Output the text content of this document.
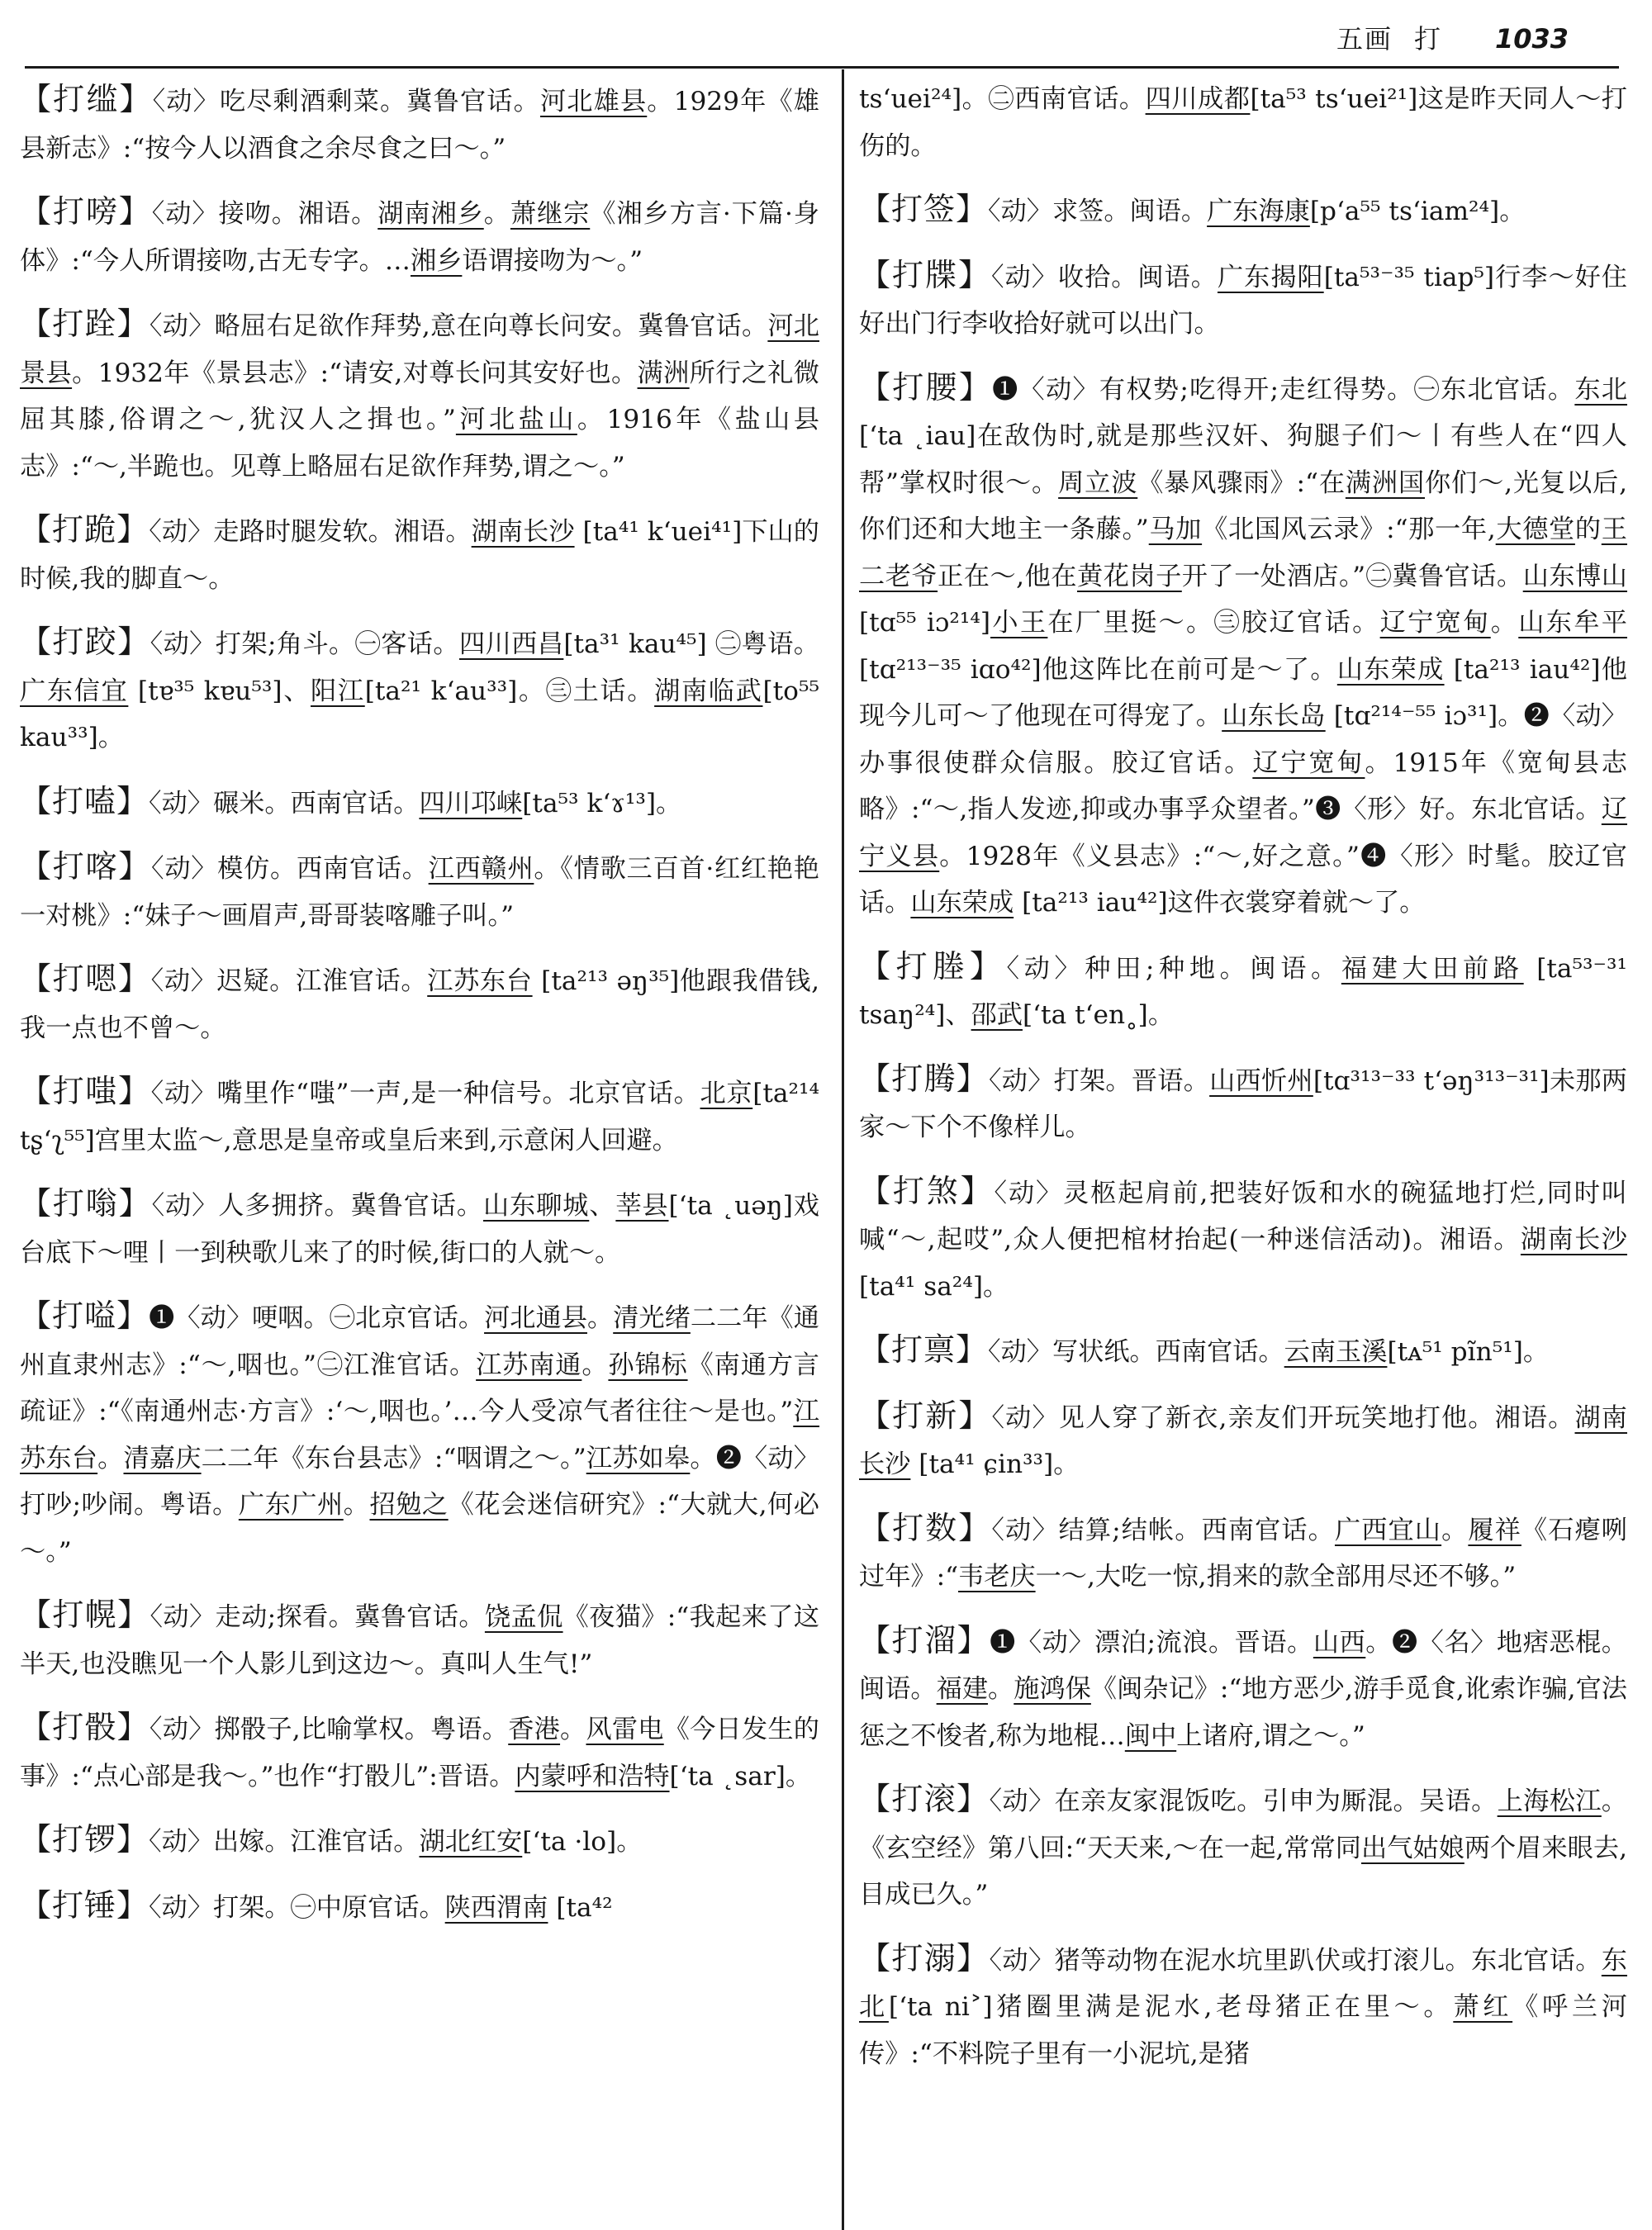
五画 打 1033
【打䍀】〈动〉吃尽剩酒剩菜。冀鲁官话。河北雄县。1929年《雄县新志》:“按今人以酒食之余尽食之曰～。”
【打嗙】〈动〉接吻。湘语。湖南湘乡。萧继宗《湘乡方言·下篇·身体》:“今人所谓接吻,古无专字。…湘乡语谓接吻为～。”
【打跧】〈动〉略屈右足欲作拜势,意在向尊长问安。冀鲁官话。河北景县。1932年《景县志》:“请安,对尊长问其安好也。满洲所行之礼微屈其膝,俗谓之～,犹汉人之揖也。”河北盐山。1916年《盐山县志》:“～,半跪也。见尊上略屈右足欲作拜势,谓之～。”
【打跪】〈动〉走路时腿发软。湘语。湖南长沙 [ta⁴¹ k‘uei⁴¹]下山的时候,我的脚直～。
【打跤】〈动〉打架;角斗。㊀客话。四川西昌[ta³¹ kau⁴⁵] ㊁粤语。广东信宜 [tɐ³⁵ kɐu⁵³]、阳江[ta²¹ k‘au³³]。㊂土话。湖南临武[to⁵⁵ kau³³]。
【打嗑】〈动〉碾米。西南官话。四川邛崃[ta⁵³ k‘ɤ¹³]。
【打喀】〈动〉模仿。西南官话。江西赣州。《情歌三百首·红红艳艳一对桃》:“妹子～画眉声,哥哥装喀雕子叫。”
【打嗯】〈动〉迟疑。江淮官话。江苏东台 [ta²¹³ əŋ³⁵]他跟我借钱,我一点也不曾～。
【打嗤】〈动〉嘴里作“嗤”一声,是一种信号。北京官话。北京[ta²¹⁴ tʂ‘ʅ⁵⁵]宫里太监～,意思是皇帝或皇后来到,示意闲人回避。
【打嗡】〈动〉人多拥挤。冀鲁官话。山东聊城、莘县[‘ta ˛uəŋ]戏台底下～哩丨一到秧歌儿来了的时候,街口的人就～。
【打嗌】❶〈动〉哽咽。㊀北京官话。河北通县。清光绪二二年《通州直隶州志》:“～,咽也。”㊁江淮官话。江苏南通。孙锦标《南通方言疏证》:“《南通州志·方言》:‘～,咽也。’…今人受凉气者往往～是也。”江苏东台。清嘉庆二二年《东台县志》:“咽谓之～。”江苏如皋。❷〈动〉打吵;吵闹。粤语。广东广州。招勉之《花会迷信研究》:“大就大,何必～。”
【打幌】〈动〉走动;探看。冀鲁官话。饶孟侃《夜猫》:“我起来了这半天,也没瞧见一个人影儿到这边～。真叫人生气!”
【打骰】〈动〉掷骰子,比喻掌权。粤语。香港。风雷电《今日发生的事》:“点心部是我～。”也作“打骰儿”:晋语。内蒙呼和浩特[‘ta ˛sar]。
【打锣】〈动〉出嫁。江淮官话。湖北红安[‘ta ·lo]。
【打锤】〈动〉打架。㊀中原官话。陕西渭南 [ta⁴²
ts‘uei²⁴]。㊁西南官话。四川成都[ta⁵³ ts‘uei²¹]这是昨天同人～打伤的。
【打签】〈动〉求签。闽语。广东海康[p‘a⁵⁵ ts‘iam²⁴]。
【打牒】〈动〉收拾。闽语。广东揭阳[ta⁵³⁻³⁵ tiap⁵]行李～好住好出门行李收拾好就可以出门。
【打腰】❶〈动〉有权势;吃得开;走红得势。㊀东北官话。东北[‘ta ˛iau]在敌伪时,就是那些汉奸、狗腿子们～丨有些人在“四人帮”掌权时很～。周立波《暴风骤雨》:“在满洲国你们～,光复以后,你们还和大地主一条藤。”马加《北国风云录》:“那一年,大德堂的王二老爷正在～,他在黄花岗子开了一处酒店。”㊁冀鲁官话。山东博山[tɑ⁵⁵ iɔ²¹⁴]小王在厂里挺～。㊂胶辽官话。辽宁宽甸。山东牟平[tɑ²¹³⁻³⁵ iɑo⁴²]他这阵比在前可是～了。山东荣成 [ta²¹³ iau⁴²]他现今儿可～了他现在可得宠了。山东长岛 [tɑ²¹⁴⁻⁵⁵ iɔ³¹]。❷〈动〉办事很使群众信服。胶辽官话。辽宁宽甸。1915年《宽甸县志略》:“～,指人发迹,抑或办事孚众望者。”❸〈形〉好。东北官话。辽宁义县。1928年《义县志》:“～,好之意。”❹〈形〉时髦。胶辽官话。山东荣成 [ta²¹³ iau⁴²]这件衣裳穿着就～了。
【打塍】〈动〉种田;种地。闽语。福建大田前路 [ta⁵³⁻³¹ tsaŋ²⁴]、邵武[‘ta t‘en˳]。
【打腾】〈动〉打架。晋语。山西忻州[tɑ³¹³⁻³³ t‘əŋ³¹³⁻³¹]未那两家～下个不像样儿。
【打煞】〈动〉灵柩起肩前,把装好饭和水的碗猛地打烂,同时叫喊“～,起哎”,众人便把棺材抬起(一种迷信活动)。湘语。湖南长沙[ta⁴¹ sa²⁴]。
【打禀】〈动〉写状纸。西南官话。云南玉溪[tᴀ⁵¹ pĩn⁵¹]。
【打新】〈动〉见人穿了新衣,亲友们开玩笑地打他。湘语。湖南长沙 [ta⁴¹ ɕin³³]。
【打数】〈动〉结算;结帐。西南官话。广西宜山。履祥《石瘪咧过年》:“韦老庆一～,大吃一惊,捐来的款全部用尽还不够。”
【打溜】❶〈动〉漂泊;流浪。晋语。山西。❷〈名〉地痞恶棍。闽语。福建。施鸿保《闽杂记》:“地方恶少,游手觅食,讹索诈骗,官法惩之不悛者,称为地棍…闽中上诸府,谓之～。”
【打滚】〈动〉在亲友家混饭吃。引申为厮混。吴语。上海松江。《玄空经》第八回:“天天来,～在一起,常常同出气姑娘两个眉来眼去,目成已久。”
【打溺】〈动〉猪等动物在泥水坑里趴伏或打滚儿。东北官话。东北[‘ta ni˃]猪圈里满是泥水,老母猪正在里～。萧红《呼兰河传》:“不料院子里有一小泥坑,是猪
